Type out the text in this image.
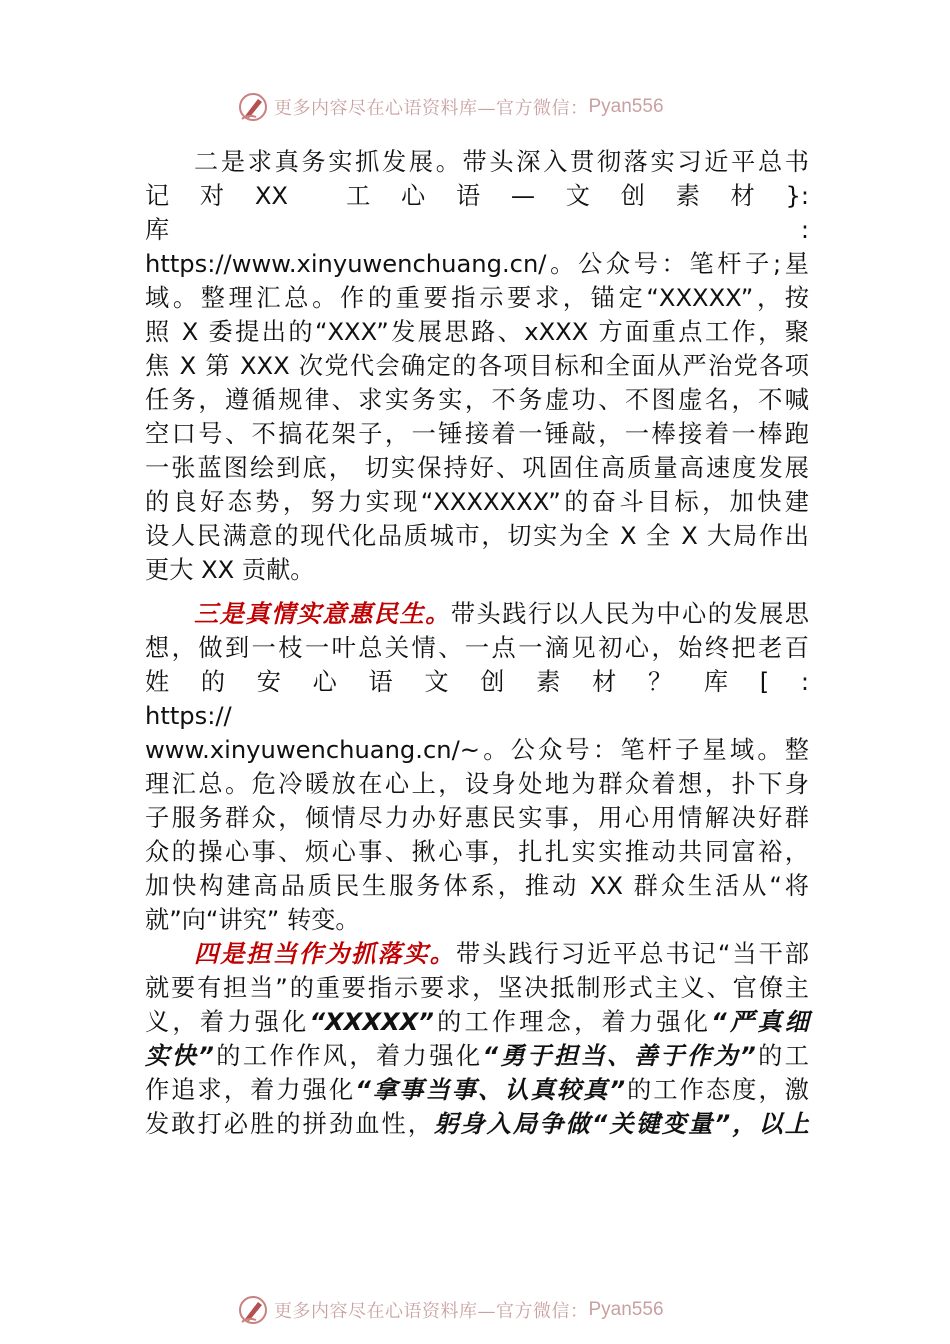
更多内容尽在心语资料库—官方微信： Pyan556

二是求真务实抓发展。带头深入贯彻落实习近平总书
记　对　XX　　工　心　语　—　文　创　素　材　}:　库　:
https://www.xinyuwenchuang.cn/。公众号：笔杆子;星
域。整理汇总。作的重要指示要求，锚定“XXXXX”，按
照 X 委提出的“XXX”发展思路、xXXX 方面重点工作，聚
焦 X 第 XXX 次党代会确定的各项目标和全面从严治党各项
任务，遵循规律、求实务实，不务虚功、不图虚名，不喊
空口号、不搞花架子，一锤接着一锤敲，一棒接着一棒跑
一张蓝图绘到底， 切实保持好、巩固住高质量高速度发展
的良好态势，努力实现“XXXXXXX”的奋斗目标，加快建
设人民满意的现代化品质城市，切实为全 X 全 X 大局作出
更大 XX 贡献。

三是真情实意惠民生。带头践行以人民为中心的发展思
想，做到一枝一叶总关情、一点一滴见初心，始终把老百
姓　的　安　心　语　文　创　素　材　？　库　[　:　https://
www.xinyuwenchuang.cn/~。公众号：笔杆子星域。整
理汇总。危冷暖放在心上，设身处地为群众着想，扑下身
子服务群众，倾情尽力办好惠民实事，用心用情解决好群
众的操心事、烦心事、揪心事，扎扎实实推动共同富裕，
加快构建高品质民生服务体系，推动 XX 群众生活从“将
就”向“讲究” 转变。

四是担当作为抓落实。带头践行习近平总书记“当干部
就要有担当”的重要指示要求，坚决抵制形式主义、官僚主
义，着力强化“XXXXX”的工作理念，着力强化“严真细
实快”的工作作风，着力强化“勇于担当、善于作为”的工
作追求，着力强化“拿事当事、认真较真”的工作态度，激
发敢打必胜的拼劲血性，躬身入局争做“关键变量”，以上

更多内容尽在心语资料库—官方微信： Pyan556
